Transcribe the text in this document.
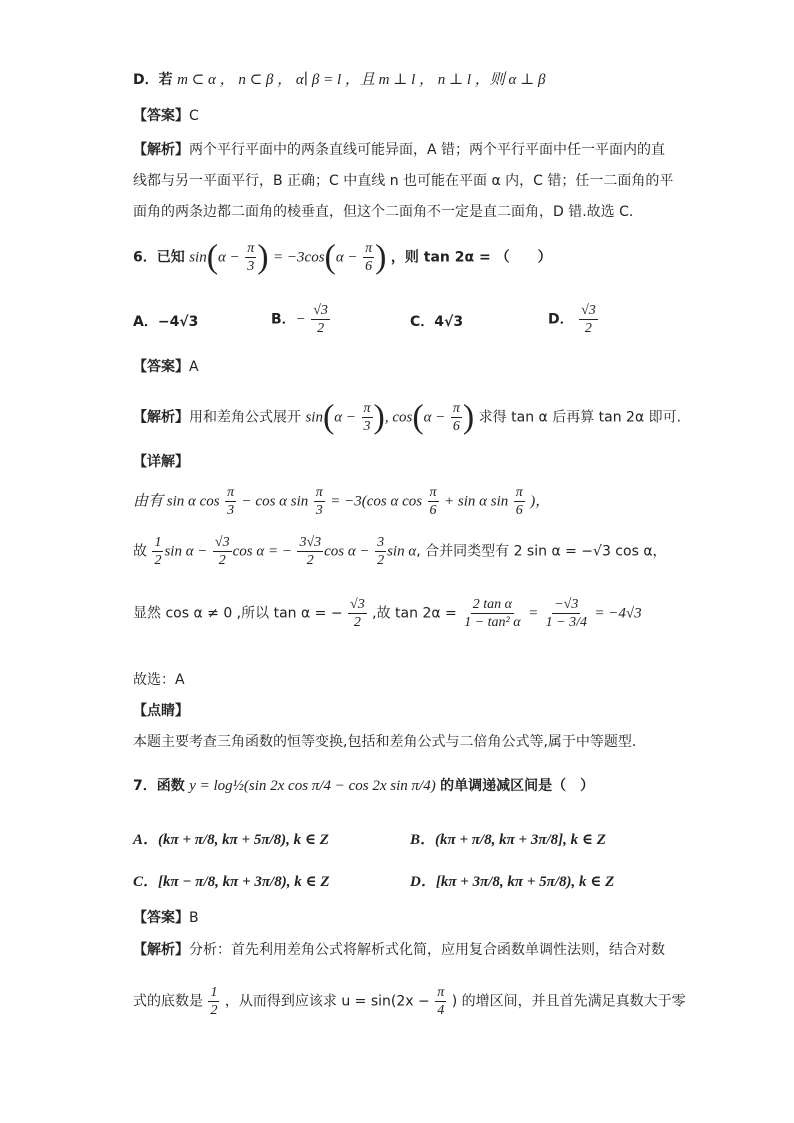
D．若 m ⊂ α ， n ⊂ β ， α∣ β = l ，且 m ⊥ l ， n ⊥ l ，则 α ⊥ β
【答案】C
【解析】两个平行平面中的两条直线可能异面，A 错；两个平行平面中任一平面内的直
线都与另一平面平行，B 正确；C 中直线 n 也可能在平面 α 内，C 错；任一二面角的平
面角的两条边都二面角的棱垂直，但这个二面角不一定是直二面角，D 错.故选 C.
6．已知 $\sin(\alpha - \frac{\pi}{3}$ ) = $-3\cos(\alpha - \frac{\pi}{6}$ ) ，则 tan 2α = （　　）
A．−4√3	B．− $\frac{√3}{2}$	C．4√3	D． $\frac{√3}{2}$
【答案】A
【解析】用和差角公式展开 $\sin(\alpha - \frac{\pi}{3}$ ), $\cos(\alpha - \frac{\pi}{6}$ ) 求得 tan α 后再算 tan 2α 即可.
【详解】
由有 sin α $\cos \frac{\pi}{3} - \cos \alpha$ $\sin \frac{\pi}{3} = -3(\cos$ α $\cos \frac{\pi}{6} + \sin \alpha$ $\sin \frac{\pi}{6}$ )，
故 $\frac{1}{2}$ $\sin \alpha - \frac{√3}{2}$ cos α = − $\frac{3√3}{2}$ $\cos \alpha - \frac{3}{2}$ sin α, 合并同类型有 2 sin α = −√3 cos α，
显然 cos α ≠ 0 ,所以 tan α = − $\frac{√3}{2}$ ,故 $\tan 2\alpha = \frac{\text{2 tan α}}{\text{1 − tan² α}} = \frac{-√3}{1 - 3/4} = -4√3$
故选：A
【点睛】
本题主要考查三角函数的恒等变换,包括和差角公式与二倍角公式等,属于中等题型.
7．函数 y = log½(sin 2x cos π/4 − cos 2x sin π/4) 的单调递减区间是（　）
A．(kπ + π/8, kπ + 5π/8), k ∈ Z	B．(kπ + π/8, kπ + 3π/8], k ∈ Z
C．[kπ − π/8, kπ + 3π/8), k ∈ Z	D．[kπ + 3π/8, kπ + 5π/8), k ∈ Z
【答案】B
【解析】分析：首先利用差角公式将解析式化简，应用复合函数单调性法则，结合对数
式的底数是 $\frac{1}{2}$ ，从而得到应该求 $u = \sin(2x - \frac{\pi}{4}$ ) 的增区间，并且首先满足真数大于零
